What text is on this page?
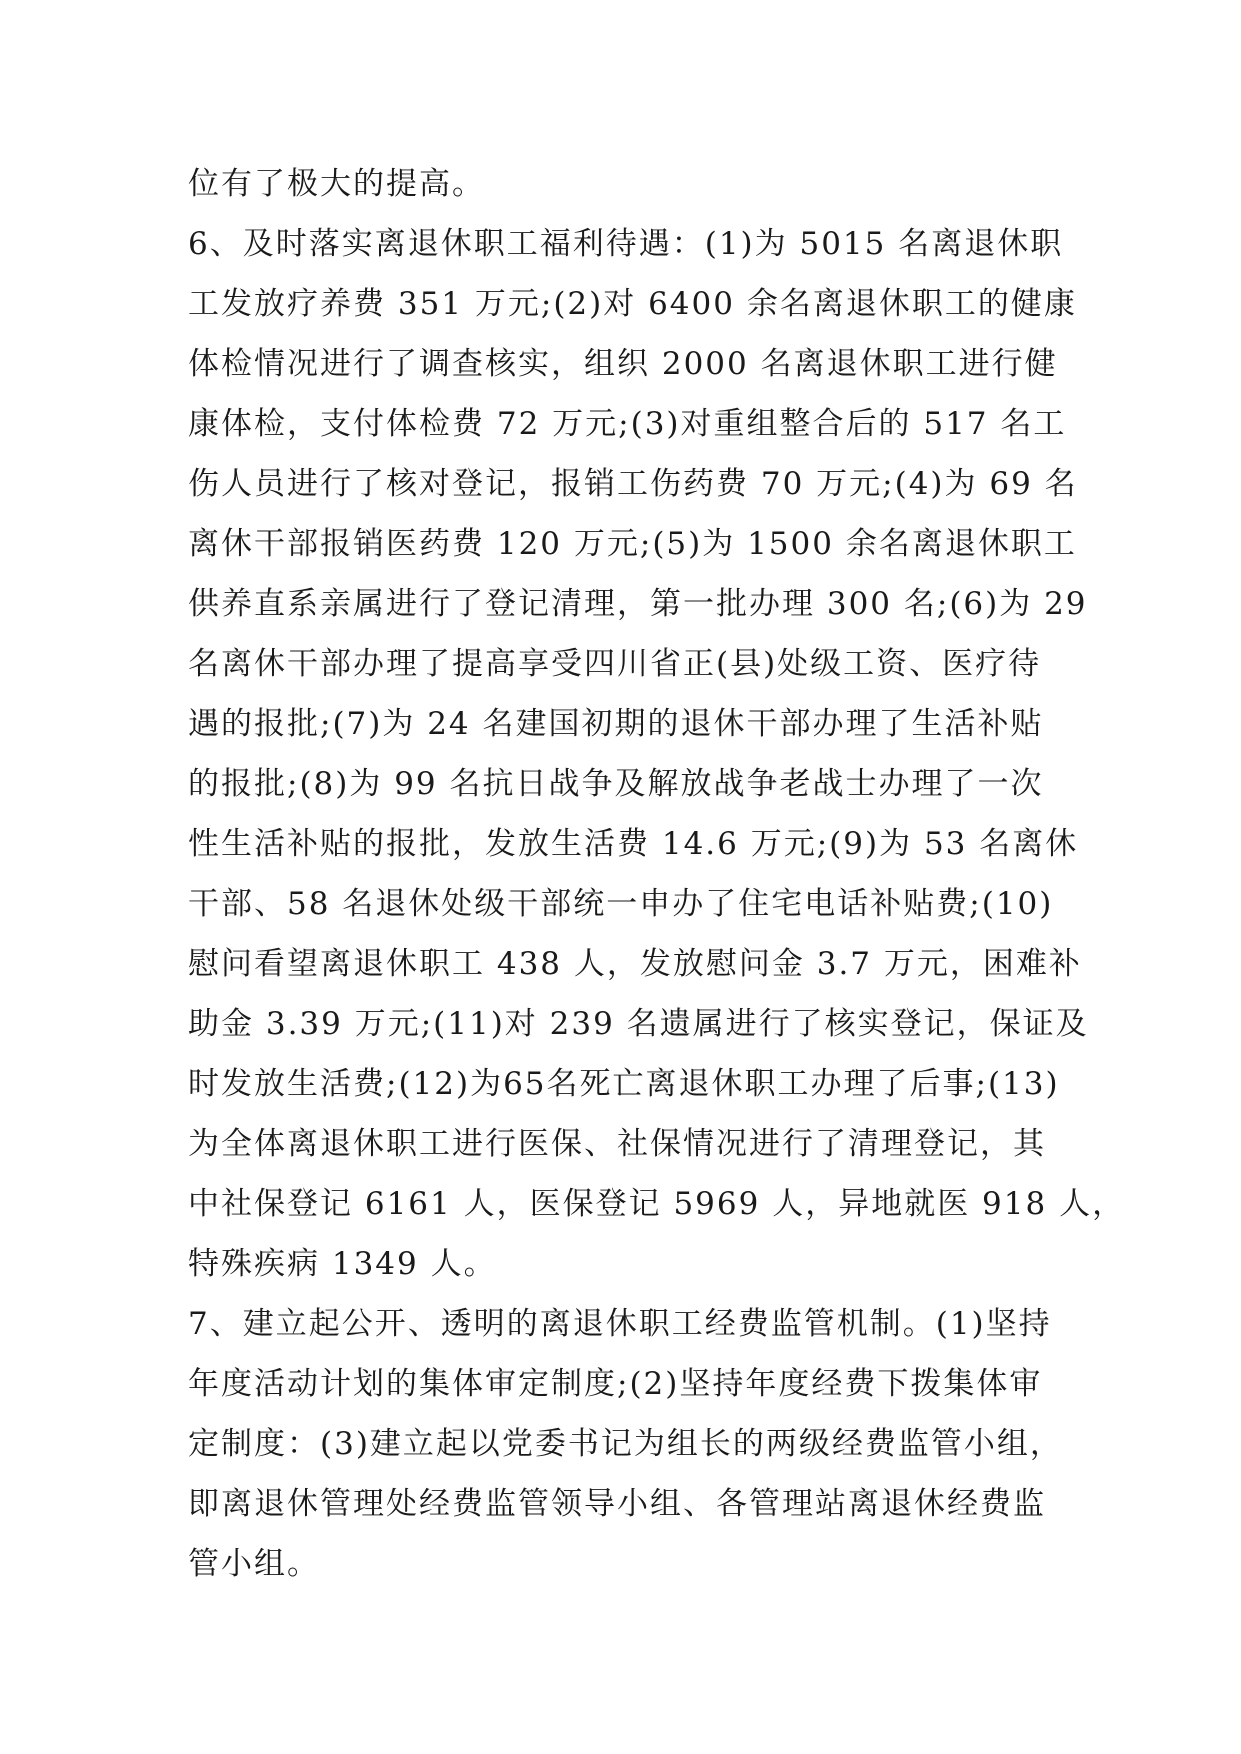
位有了极大的提高。
6、及时落实离退休职工福利待遇：(1)为 5015 名离退休职
工发放疗养费 351 万元;(2)对 6400 余名离退休职工的健康
体检情况进行了调查核实，组织 2000 名离退休职工进行健
康体检，支付体检费 72 万元;(3)对重组整合后的 517 名工
伤人员进行了核对登记，报销工伤药费 70 万元;(4)为 69 名
离休干部报销医药费 120 万元;(5)为 1500 余名离退休职工
供养直系亲属进行了登记清理，第一批办理 300 名;(6)为 29
名离休干部办理了提高享受四川省正(县)处级工资、医疗待
遇的报批;(7)为 24 名建国初期的退休干部办理了生活补贴
的报批;(8)为 99 名抗日战争及解放战争老战士办理了一次
性生活补贴的报批，发放生活费 14.6 万元;(9)为 53 名离休
干部、58 名退休处级干部统一申办了住宅电话补贴费;(10)
慰问看望离退休职工 438 人，发放慰问金 3.7 万元，困难补
助金 3.39 万元;(11)对 239 名遗属进行了核实登记，保证及
时发放生活费;(12)为65名死亡离退休职工办理了后事;(13)
为全体离退休职工进行医保、社保情况进行了清理登记，其
中社保登记 6161 人，医保登记 5969 人，异地就医 918 人，
特殊疾病 1349 人。
7、建立起公开、透明的离退休职工经费监管机制。(1)坚持
年度活动计划的集体审定制度;(2)坚持年度经费下拨集体审
定制度：(3)建立起以党委书记为组长的两级经费监管小组，
即离退休管理处经费监管领导小组、各管理站离退休经费监
管小组。
